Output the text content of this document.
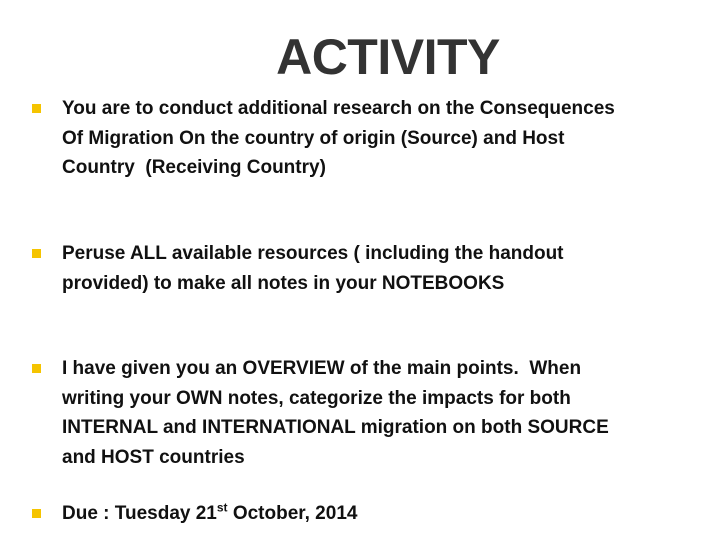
ACTIVITY
You are to conduct additional research on the Consequences
Of Migration On the country of origin (Source) and Host
Country  (Receiving Country)
Peruse ALL available resources ( including the handout
provided) to make all notes in your NOTEBOOKS
I have given you an OVERVIEW of the main points.  When
writing your OWN notes, categorize the impacts for both
INTERNAL and INTERNATIONAL migration on both SOURCE
and HOST countries
Due : Tuesday 21st October, 2014
